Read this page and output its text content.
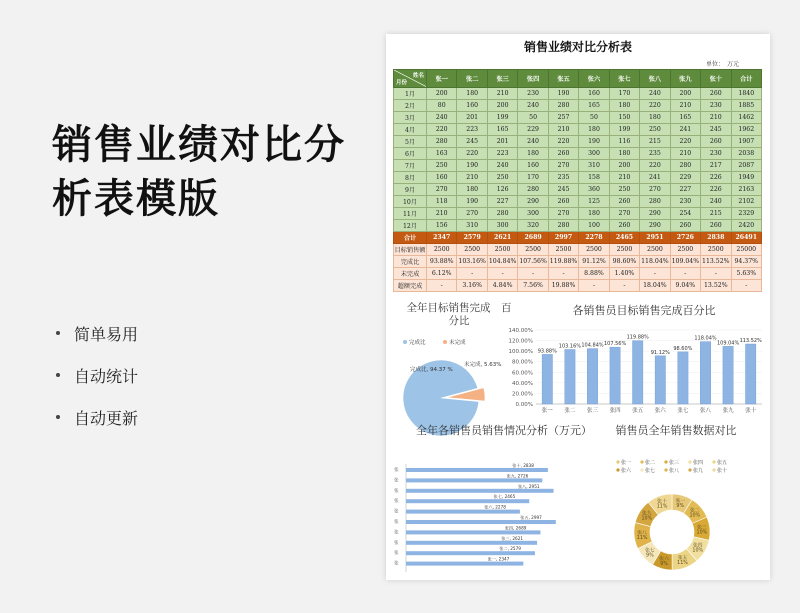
销售业绩对比分
析表模版
简单易用
自动统计
自动更新
销售业绩对比分析表
单位：　万元
姓名
月份	张一	张二	张三	张四	张五	张六	张七	张八	张九	张十	合计
1月	200	180	210	230	190	160	170	240	200	260	1840
2月	80	160	200	240	280	165	180	220	210	230	1885
3月	240	201	199	50	257	50	150	180	165	210	1462
4月	220	223	165	229	210	180	199	250	241	245	1962
5月	280	245	201	240	220	190	116	215	220	260	1907
6月	163	220	223	180	260	300	180	235	210	230	2038
7月	250	190	240	160	270	310	200	220	280	217	2087
8月	160	210	250	170	235	158	210	241	229	226	1949
9月	270	180	126	280	245	360	250	270	227	226	2163
10月	118	190	227	290	260	125	260	280	230	240	2102
11月	210	270	280	300	270	180	270	290	254	215	2329
12月	156	310	300	320	280	100	260	290	260	260	2420
合计	2347	2579	2621	2689	2997	2278	2465	2951	2726	2838	26491
目标销售额	2500	2500	2500	2500	2500	2500	2500	2500	2500	2500	25000
完成比	93.88%	103.16%	104.84%	107.56%	119.88%	91.12%	98.60%	118.04%	109.04%	113.52%	94.37%
未完成	6.12%	-	-	-	-	8.88%	1.40%	-	-	-	5.63%
超额完成	-	3.16%	4.84%	7.56%	19.88%	-	-	18.04%	9.04%	13.52%	-
全年目标销售完成　百分比
完成比	未完成
完成比, 94.37 %
未完成, 5.63%
各销售员目标销售完成百分比
0.00%
20.00%
40.00%
60.00%
80.00%
100.00%
120.00%
140.00%
93.88%
张一
103.16%
张二
104.84%
张三
107.56%
张四
119.88%
张五
91.12%
张六
98.60%
张七
118.04%
张八
109.04%
张九
113.52%
张十
全年各销售员销售情况分析（万元）
张
张十, 2838
张
张九, 2726
张
张八, 2951
张
张七, 2465
张
张六, 2278
张
张五, 2997
张
张四, 2689
张
张三, 2621
张
张二, 2579
张
张一, 2347
销售员全年销售数据对比
张一	张二	张三	张四	张五
张六	张七	张八	张九	张十
张一 9%
张二 10%
张三 10%
张四 10%
张五 11%
张六 9%
张七 9%
张八 11%
张九 10%
张十 11%
